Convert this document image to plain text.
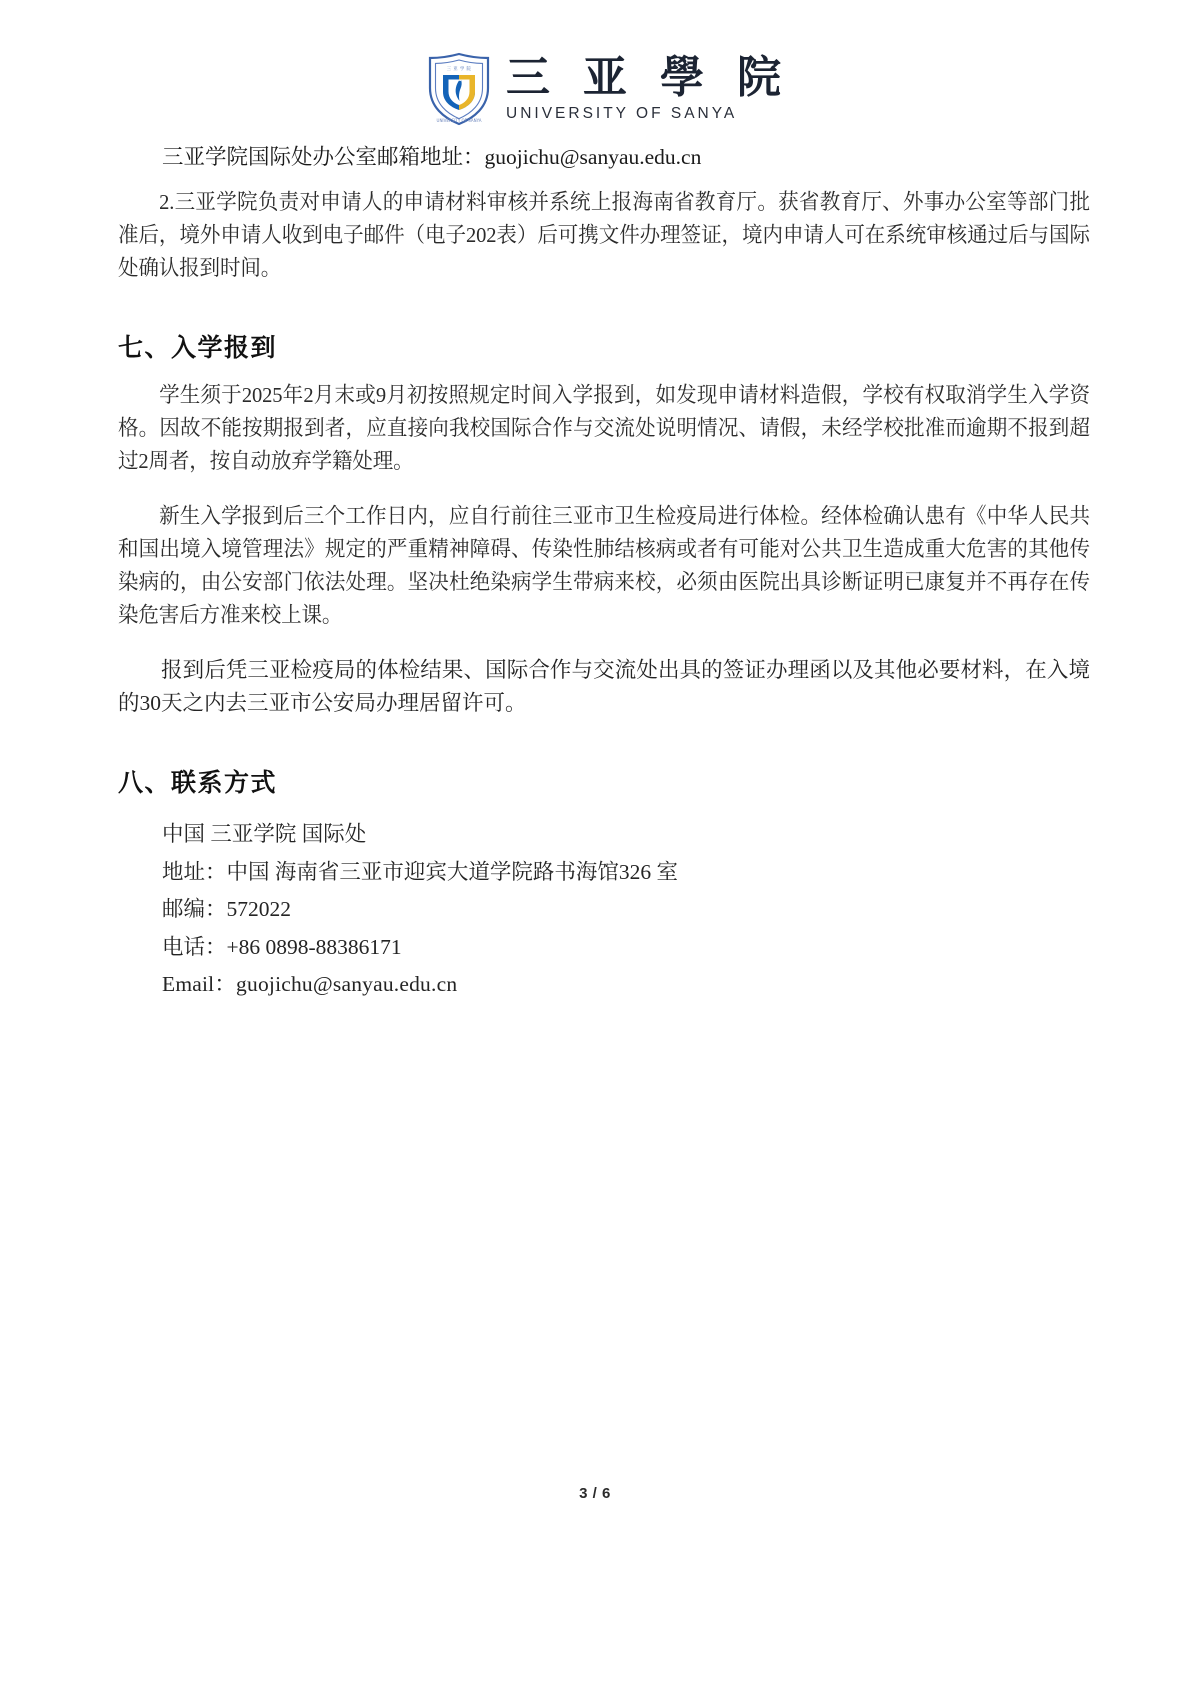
三 亚 学 院
UNIVERSITY OF SANYA
三 亚 學 院
UNIVERSITY OF SANYA
三亚学院国际处办公室邮箱地址：guojichu@sanyau.edu.cn

2.三亚学院负责对申请人的申请材料审核并系统上报海南省教育厅。获省教育厅、外事办公室等部门批准后，境外申请人收到电子邮件（电子202表）后可携文件办理签证，境内申请人可在系统审核通过后与国际处确认报到时间。

七、入学报到

学生须于2025年2月末或9月初按照规定时间入学报到，如发现申请材料造假，学校有权取消学生入学资格。因故不能按期报到者，应直接向我校国际合作与交流处说明情况、请假，未经学校批准而逾期不报到超过2周者，按自动放弃学籍处理。

新生入学报到后三个工作日内，应自行前往三亚市卫生检疫局进行体检。经体检确认患有《中华人民共和国出境入境管理法》规定的严重精神障碍、传染性肺结核病或者有可能对公共卫生造成重大危害的其他传染病的，由公安部门依法处理。坚决杜绝染病学生带病来校，必须由医院出具诊断证明已康复并不再存在传染危害后方准来校上课。

报到后凭三亚检疫局的体检结果、国际合作与交流处出具的签证办理函以及其他必要材料，在入境的30天之内去三亚市公安局办理居留许可。

八、联系方式
中国 三亚学院 国际处
地址：中国 海南省三亚市迎宾大道学院路书海馆326 室
邮编：572022
电话：+86 0898-88386171
Email：guojichu@sanyau.edu.cn
3 / 6
